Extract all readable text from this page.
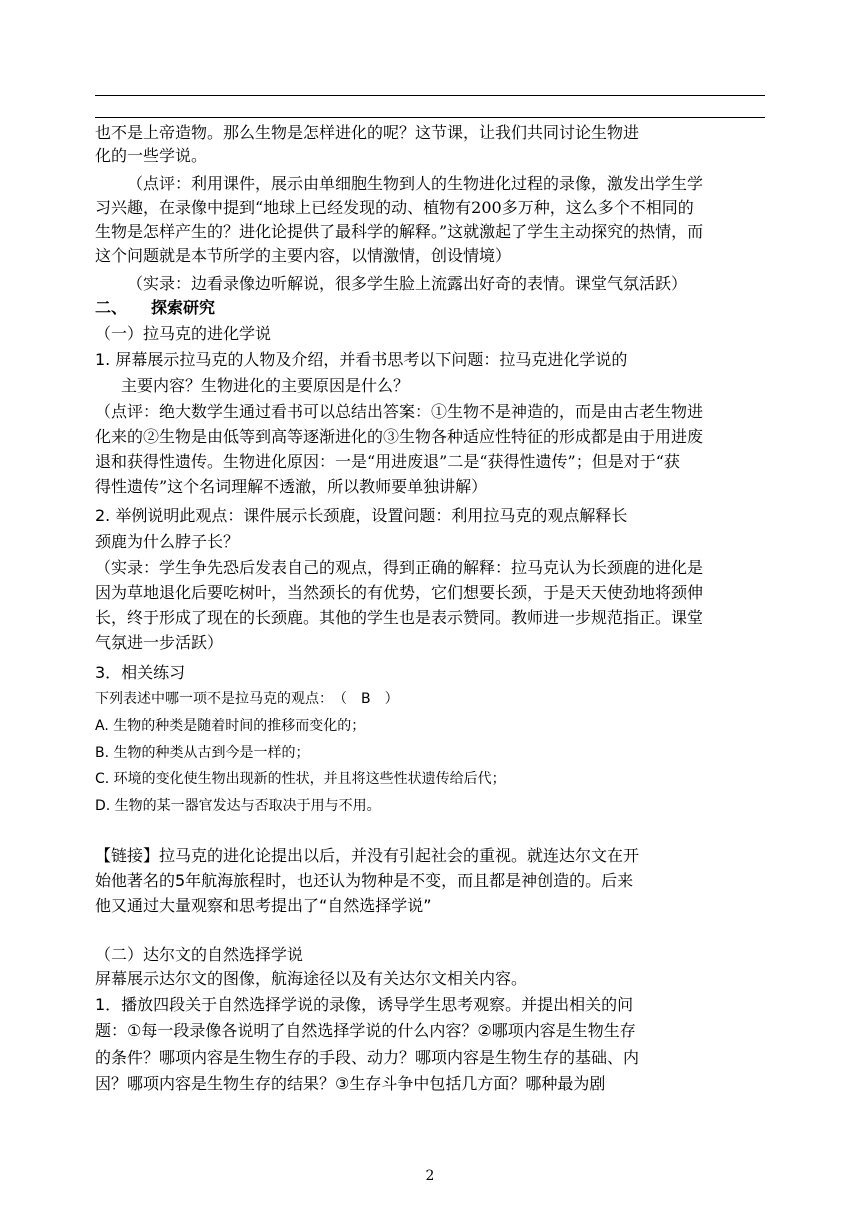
也不是上帝造物。那么生物是怎样进化的呢？这节课，让我们共同讨论生物进
化的一些学说。
（点评：利用课件，展示由单细胞生物到人的生物进化过程的录像，激发出学生学
习兴趣，在录像中提到“地球上已经发现的动、植物有200多万种，这么多个不相同的
生物是怎样产生的？进化论提供了最科学的解释。”这就激起了学生主动探究的热情，而
这个问题就是本节所学的主要内容，以情激情，创设情境）
（实录：边看录像边听解说，很多学生脸上流露出好奇的表情。课堂气氛活跃）
二、　　探索研究
（一）拉马克的进化学说
1. 屏幕展示拉马克的人物及介绍，并看书思考以下问题：拉马克进化学说的
主要内容？生物进化的主要原因是什么？
（点评：绝大数学生通过看书可以总结出答案：①生物不是神造的，而是由古老生物进
化来的②生物是由低等到高等逐渐进化的③生物各种适应性特征的形成都是由于用进废
退和获得性遗传。生物进化原因：一是“用进废退”二是“获得性遗传”；但是对于“获
得性遗传”这个名词理解不透澈，所以教师要单独讲解）
2. 举例说明此观点：课件展示长颈鹿，设置问题：利用拉马克的观点解释长
颈鹿为什么脖子长？
（实录：学生争先恐后发表自己的观点，得到正确的解释：拉马克认为长颈鹿的进化是
因为草地退化后要吃树叶，当然颈长的有优势，它们想要长颈，于是天天使劲地将颈伸
长，终于形成了现在的长颈鹿。其他的学生也是表示赞同。教师进一步规范指正。课堂
气氛进一步活跃）
3．相关练习
下列表述中哪一项不是拉马克的观点：　（　B　）
A. 生物的种类是随着时间的推移而变化的；
B. 生物的种类从古到今是一样的；
C. 环境的变化使生物出现新的性状，并且将这些性状遗传给后代；
D. 生物的某一器官发达与否取决于用与不用。
【链接】拉马克的进化论提出以后，并没有引起社会的重视。就连达尔文在开
始他著名的5年航海旅程时，也还认为物种是不变，而且都是神创造的。后来
他又通过大量观察和思考提出了“自然选择学说”
（二）达尔文的自然选择学说
屏幕展示达尔文的图像，航海途径以及有关达尔文相关内容。
1．播放四段关于自然选择学说的录像，诱导学生思考观察。并提出相关的问
题：①每一段录像各说明了自然选择学说的什么内容？②哪项内容是生物生存
的条件？哪项内容是生物生存的手段、动力？哪项内容是生物生存的基础、内
因？哪项内容是生物生存的结果？③生存斗争中包括几方面？哪种最为剧
2
